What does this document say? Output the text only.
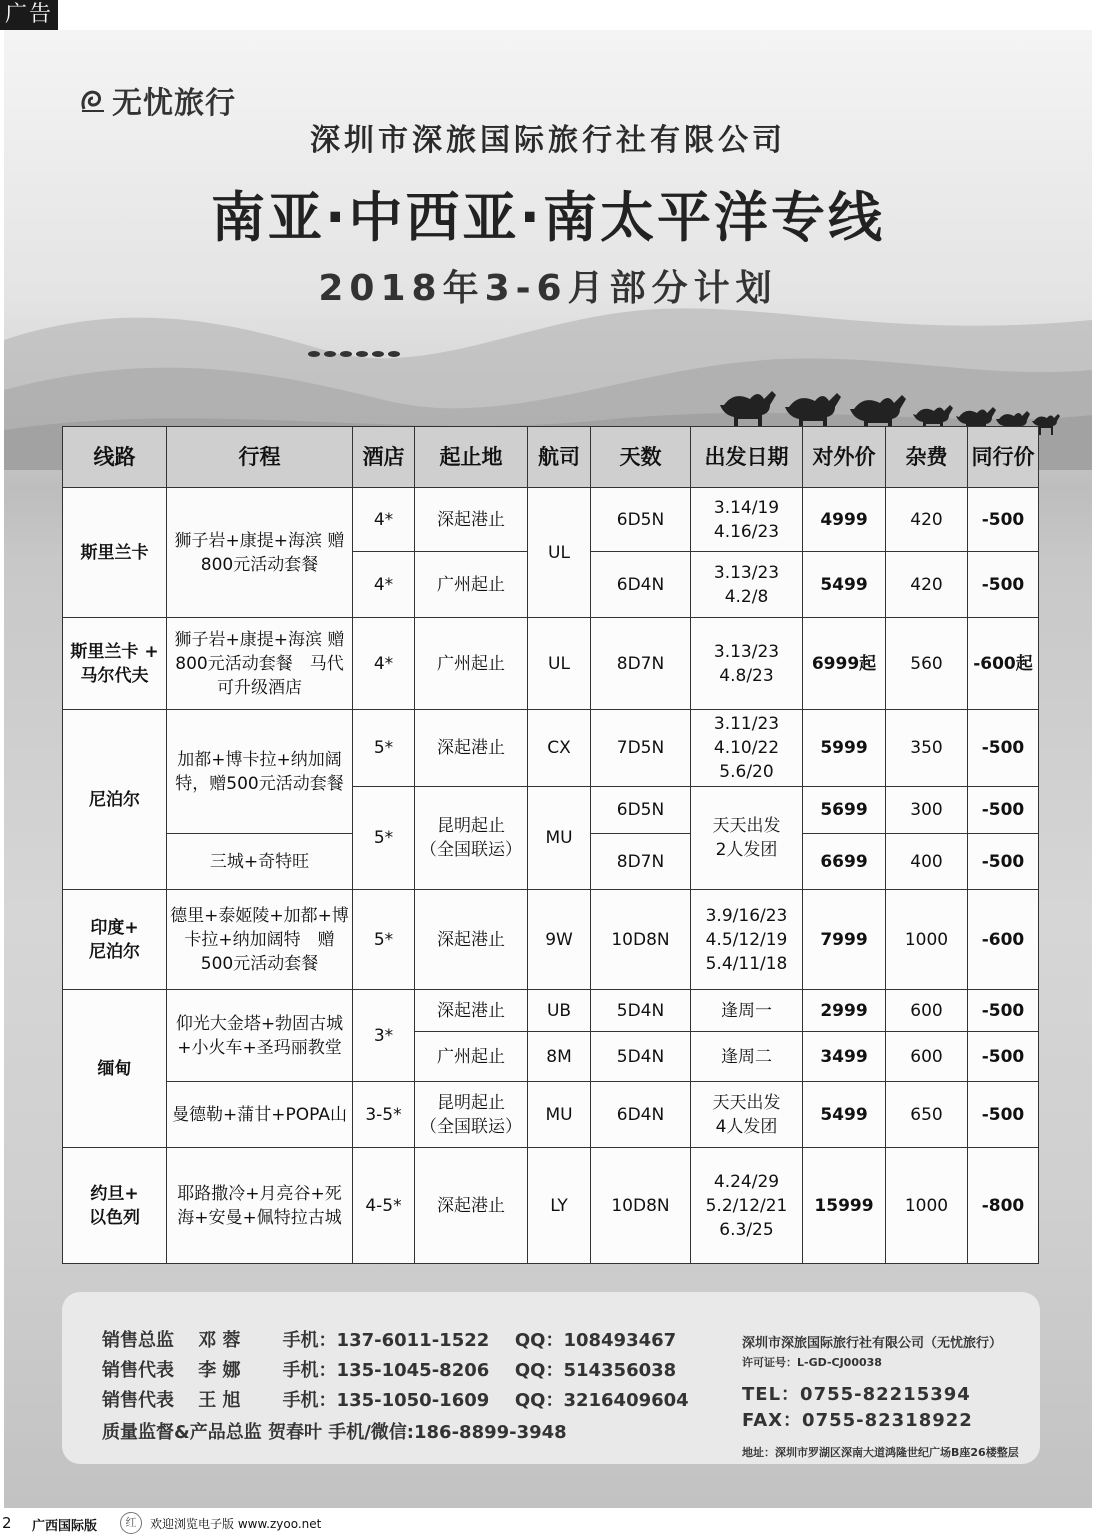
广告
无忧旅行
深圳市深旅国际旅行社有限公司
南亚·中西亚·南太平洋专线
2018年3-6月部分计划
线路	行程	酒店	起止地	航司	天数	出发日期	对外价	杂费	同行价
斯里兰卡	狮子岩+康提+海滨 赠800元活动套餐	4*	深起港止	UL	6D5N	3.14/19
4.16/23	4999	420	-500
		4*	广州起止		6D4N	3.13/23
4.2/8	5499	420	-500
斯里兰卡 +
马尔代夫	狮子岩+康提+海滨 赠800元活动套餐　马代可升级酒店	4*	广州起止	UL	8D7N	3.13/23
4.8/23	6999起	560	-600起
尼泊尔	加都+博卡拉+纳加阔特，赠500元活动套餐	5*	深起港止	CX	7D5N	3.11/23
4.10/22
5.6/20	5999	350	-500
		5*	昆明起止
（全国联运）	MU	6D5N	天天出发
2人发团	5699	300	-500
	三城+奇特旺				8D7N		6699	400	-500
印度+
尼泊尔	德里+泰姬陵+加都+博卡拉+纳加阔特　赠500元活动套餐	5*	深起港止	9W	10D8N	3.9/16/23
4.5/12/19
5.4/11/18	7999	1000	-600
缅甸	仰光大金塔+勃固古城+小火车+圣玛丽教堂	3*	深起港止	UB	5D4N	逢周一	2999	600	-500
			广州起止	8M	5D4N	逢周二	3499	600	-500
	曼德勒+蒲甘+POPA山	3-5*	昆明起止
（全国联运）	MU	6D4N	天天出发
4人发团	5499	650	-500
约旦+
以色列	耶路撒冷+月亮谷+死海+安曼+佩特拉古城	4-5*	深起港止	LY	10D8N	4.24/29
5.2/12/21
6.3/25	15999	1000	-800
销售总监 邓 蓉 手机：137-6011-1522 QQ：108493467
销售代表 李 娜 手机：135-1045-8206 QQ：514356038
销售代表 王 旭 手机：135-1050-1609 QQ：3216409604
质量监督&产品总监 贺春叶 手机/微信:186-8899-3948
深圳市深旅国际旅行社有限公司（无忧旅行）
许可证号：L-GD-CJ00038
TEL：0755-82215394
FAX：0755-82318922
地址：深圳市罗湖区深南大道鸿隆世纪广场B座26楼整层
2 广西国际版	红	欢迎浏览电子版 www.zyoo.net
